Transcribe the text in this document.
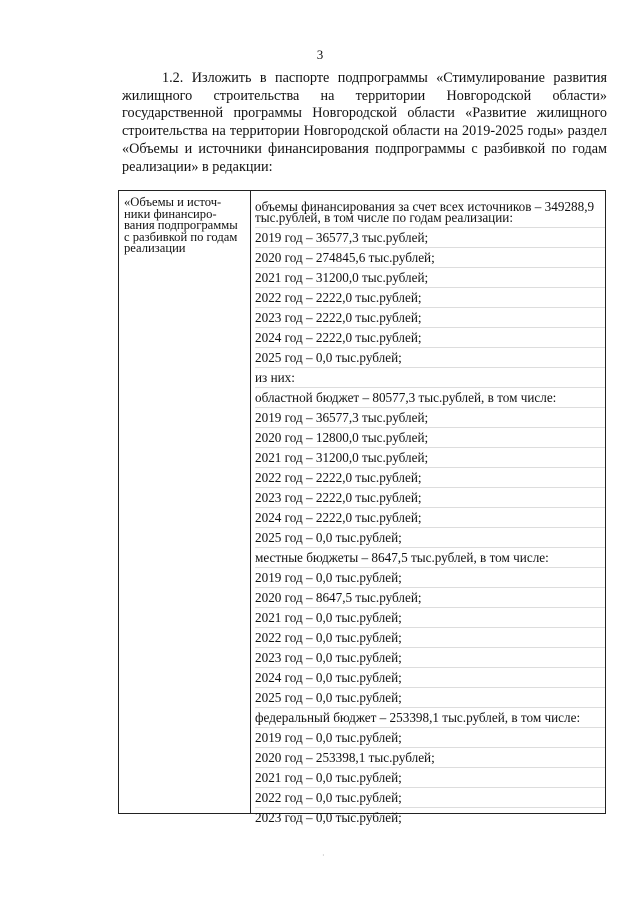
3

1.2. Изложить в паспорте подпрограммы «Стимулирование развития жилищного строительства на территории Новгородской области» государственной программы Новгородской области «Развитие жилищного строительства на территории Новгородской области на 2019-2025 годы» раздел «Объемы и источники финансирования подпрограммы с разбивкой по годам реализации» в редакции:

«Объемы и источ-ники финансиро-вания подпрограммы с разбивкой по годам реализации
объемы финансирования за счет всех источников – 349288,9 тыс.рублей, в том числе по годам реализации:
2019 год – 36577,3 тыс.рублей;
2020 год – 274845,6 тыс.рублей;
2021 год – 31200,0 тыс.рублей;
2022 год – 2222,0 тыс.рублей;
2023 год – 2222,0 тыс.рублей;
2024 год – 2222,0 тыс.рублей;
2025 год – 0,0 тыс.рублей;
из них:
областной бюджет – 80577,3 тыс.рублей, в том числе:
2019 год – 36577,3 тыс.рублей;
2020 год – 12800,0 тыс.рублей;
2021 год – 31200,0 тыс.рублей;
2022 год – 2222,0 тыс.рублей;
2023 год – 2222,0 тыс.рублей;
2024 год – 2222,0 тыс.рублей;
2025 год – 0,0 тыс.рублей;
местные бюджеты – 8647,5 тыс.рублей, в том числе:
2019 год – 0,0 тыс.рублей;
2020 год – 8647,5 тыс.рублей;
2021 год – 0,0 тыс.рублей;
2022 год – 0,0 тыс.рублей;
2023 год – 0,0 тыс.рублей;
2024 год – 0,0 тыс.рублей;
2025 год – 0,0 тыс.рублей;
федеральный бюджет – 253398,1 тыс.рублей, в том числе:
2019 год – 0,0 тыс.рублей;
2020 год – 253398,1 тыс.рублей;
2021 год – 0,0 тыс.рублей;
2022 год – 0,0 тыс.рублей;
2023 год – 0,0 тыс.рублей;
·
